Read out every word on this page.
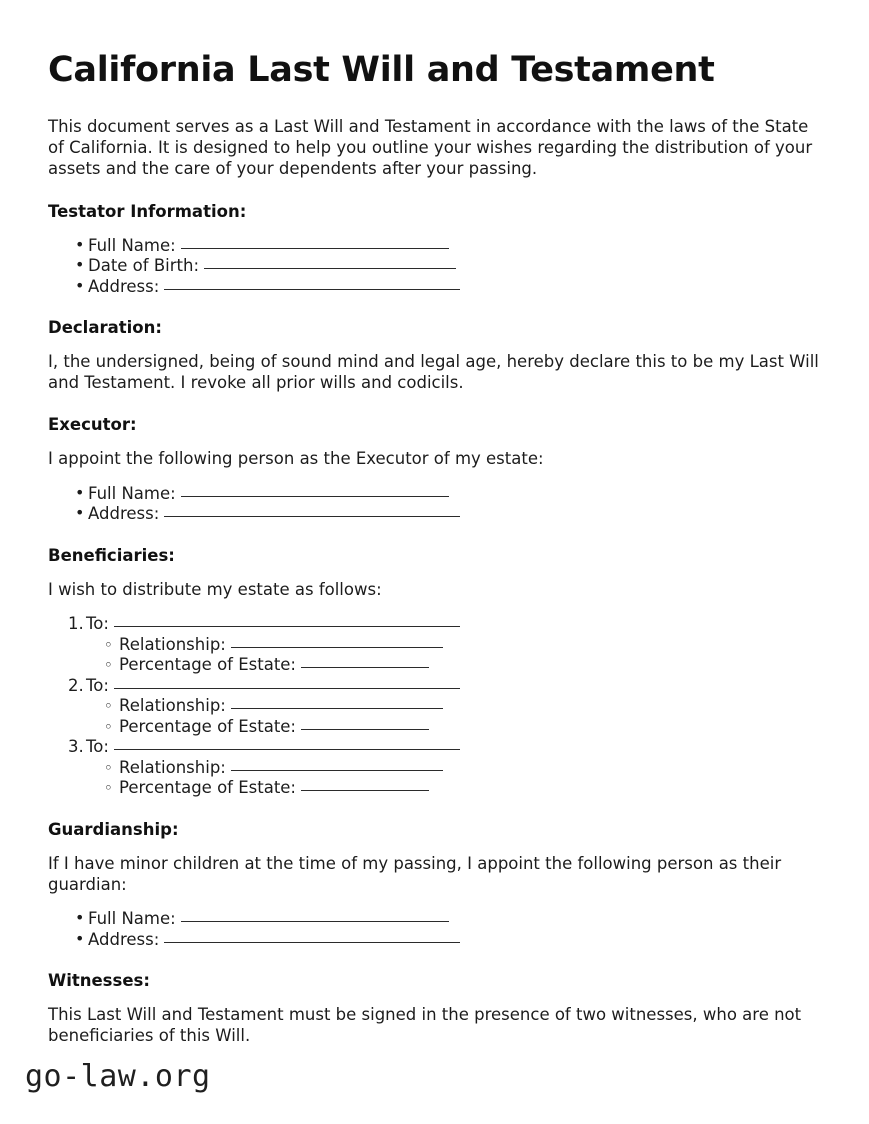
California Last Will and Testament

This document serves as a Last Will and Testament in accordance with the laws of the State of California. It is designed to help you outline your wishes regarding the distribution of your assets and the care of your dependents after your passing.

Testator Information:
• Full Name:
• Date of Birth:
• Address:
Declaration:

I, the undersigned, being of sound mind and legal age, hereby declare this to be my Last Will and Testament. I revoke all prior wills and codicils.

Executor:

I appoint the following person as the Executor of my estate:

• Full Name:
• Address:
Beneficiaries:

I wish to distribute my estate as follows:

To:
◦ Relationship:
◦ Percentage of Estate:
To:
◦ Relationship:
◦ Percentage of Estate:
To:
◦ Relationship:
◦ Percentage of Estate:
Guardianship:

If I have minor children at the time of my passing, I appoint the following person as their guardian:

• Full Name:
• Address:
Witnesses:

This Last Will and Testament must be signed in the presence of two witnesses, who are not beneficiaries of this Will.

go-law.org
